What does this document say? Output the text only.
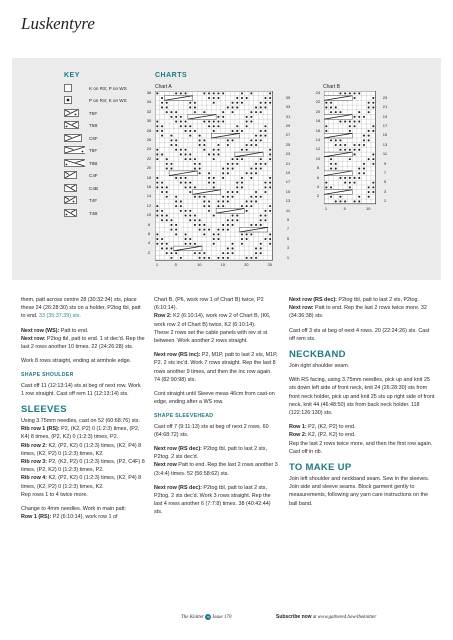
Luskentyre
KEY
K on RS; P on WS
P on RS; K on WS
T5F
T5B
C6F
T8F
T8B
C4F
C4B
T4F
T4B
CHARTS
Chart A	Chart B
36
34
32
30
28
26
24
22
20
18
16
14
12
10
8
6
4
2
35
33
31
29
27
25
23
21
19
17
15
13
11
9
7
5
3
1
25
20
15
10
5
1
24
22
20
18
16
14
12
10
8
6
4
2
23
21
19
17
15
13
11
9
7
5
3
1
10
5
1

them, patt across centre 28 (30:32:34) sts, place these 24 (26:28:30) sts on a holder, P2tog tbl, patt to end. 33 (35:37:39) sts.

Next row (WS): Patt to end.
Next row: P2tog tbl, patt to end. 1 st dec'd. Rep the last 2 rows another 10 times. 22 (24:26:28) sts.

Work 8 rows straight, ending at armhole edge.

SHAPE SHOULDER

Cast off 11 (12:13:14) sts at beg of next row. Work 1 row straight. Cast off rem 11 (12:13:14) sts.

SLEEVES

Using 3.75mm needles, cast on 52 (60:68:76) sts.
Rib row 1 (RS): P2, (K2, P2) 0 (1:2:3) times, (P2, K4) 8 times, (P2, K2) 0 (1:2:3) times, P2.
Rib row 2: K2, (P2, K2) 0 (1:2:3) times, (K2, P4) 8 times, (K2, P2) 0 (1:2:3) times, K2.
Rib row 3: P2, (K2, P2) 0 (1:2:3) times, (P2, C4F) 8 times, (P2, K2) 0 (1:2:3) times, P2.
Rib row 4: K2, (P2, K2) 0 (1:2:3) times, (K2, P4) 8 times, (K2, P2) 0 (1:2:3) times, K2.
Rep rows 1 to 4 twice more.

Change to 4mm needles. Work in main patt:
Row 1 (RS): P2 (6:10:14), work row 1 of

Chart B, (P6, work row 1 of Chart B) twice, P2 (6:10:14).
Row 2: K2 (6:10:14), work row 2 of Chart B, (K6, work row 2 of Chart B) twice, K2 (6:10:14).
These 2 rows set the cable panels with rev st st between. Work another 2 rows straight.

Next row (RS inc): P2, M1P, patt to last 2 sts, M1P, P2. 2 sts inc'd. Work 7 rows straight. Rep the last 8 rows another 9 times, and then the inc row again. 74 (82:90:98) sts.

Cont straight until Sleeve meas 46cm from cast-on edge, ending after a WS row.

SHAPE SLEEVEHEAD

Cast off 7 (9:11:13) sts at beg of next 2 rows. 60 (64:68:72) sts.

Next row (RS dec): P2tog tbl, patt to last 2 sts, P2tog. 2 sts dec'd.
Next row Patt to end. Rep the last 2 rows another 3 (3:4:4) times. 52 (56:58:62) sts.

Next row (RS dec): P2tog tbl, patt to last 2 sts, P2tog. 2 sts dec'd. Work 3 rows straight. Rep the last 4 rows another 6 (7:7:8) times. 38 (40:42:44) sts.

Next row (RS dec): P2tog tbl, patt to last 2 sts, P2tog.
Next row: Patt to end. Rep the last 2 rows twice more. 32 (34:36:38) sts.

Cast off 3 sts at beg of next 4 rows. 20 (22:24:26) sts. Cast off rem sts.

NECKBAND

Join right shoulder seam.

With RS facing, using 3.75mm needles, pick up and knit 25 sts down left side of front neck, knit 24 (26:28:30) sts from front neck holder, pick up and knit 25 sts up right side of front neck, knit 44 (46:48:50) sts from back neck holder. 118 (122:126:130) sts.

Row 1: P2, (K2, P2) to end.
Row 2: K2, (P2, K2) to end.
Rep the last 2 rows twice more, and then the first row again. Cast off in rib.

TO MAKE UP

Join left shoulder and neckband seam. Sew in the sleeves. Join side and sleeve seams. Block garment gently to measurements, following any yarn care instructions on the ball band.

The Knitter 76 Issue 170	Subscribe now at www.gathered.how/theknitter
